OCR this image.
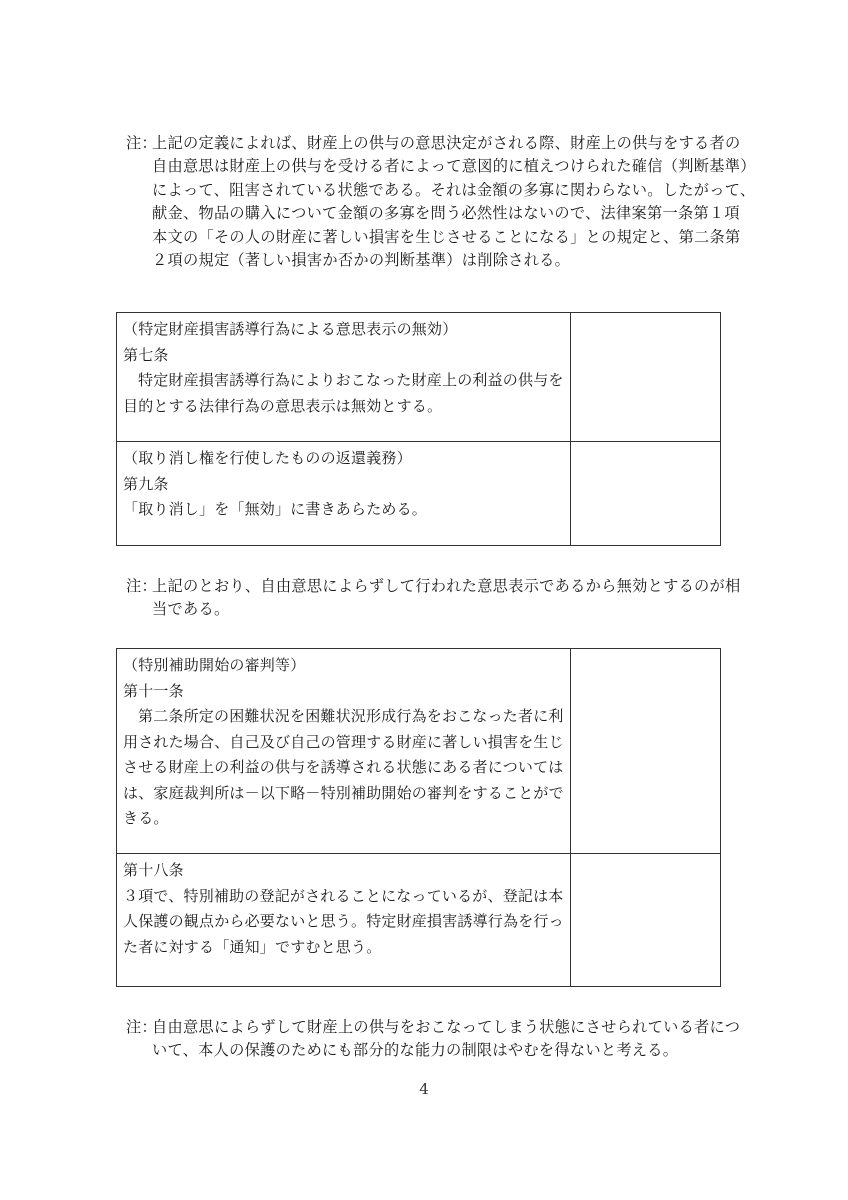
注：
上記の定義によれば、財産上の供与の意思決定がされる際、財産上の供与をする者の
自由意思は財産上の供与を受ける者によって意図的に植えつけられた確信（判断基準）
によって、阻害されている状態である。それは金額の多寡に関わらない。したがって、
献金、物品の購入について金額の多寡を問う必然性はないので、法律案第一条第１項
本文の「その人の財産に著しい損害を生じさせることになる」との規定と、第二条第
２項の規定（著しい損害か否かの判断基準）は削除される。
（特定財産損害誘導行為による意思表示の無効）
第七条
特定財産損害誘導行為によりおこなった財産上の利益の供与を
目的とする法律行為の意思表示は無効とする。
（取り消し権を行使したものの返還義務）
第九条
「取り消し」を「無効」に書きあらためる。
注：
上記のとおり、自由意思によらずして行われた意思表示であるから無効とするのが相
当である。
（特別補助開始の審判等）
第十一条
第二条所定の困難状況を困難状況形成行為をおこなった者に利
用された場合、自己及び自己の管理する財産に著しい損害を生じ
させる財産上の利益の供与を誘導される状態にある者については
は、家庭裁判所は－以下略－特別補助開始の審判をすることがで
きる。
第十八条
３項で、特別補助の登記がされることになっているが、登記は本
人保護の観点から必要ないと思う。特定財産損害誘導行為を行っ
た者に対する「通知」ですむと思う。
注：
自由意思によらずして財産上の供与をおこなってしまう状態にさせられている者につ
いて、本人の保護のためにも部分的な能力の制限はやむを得ないと考える。
4
